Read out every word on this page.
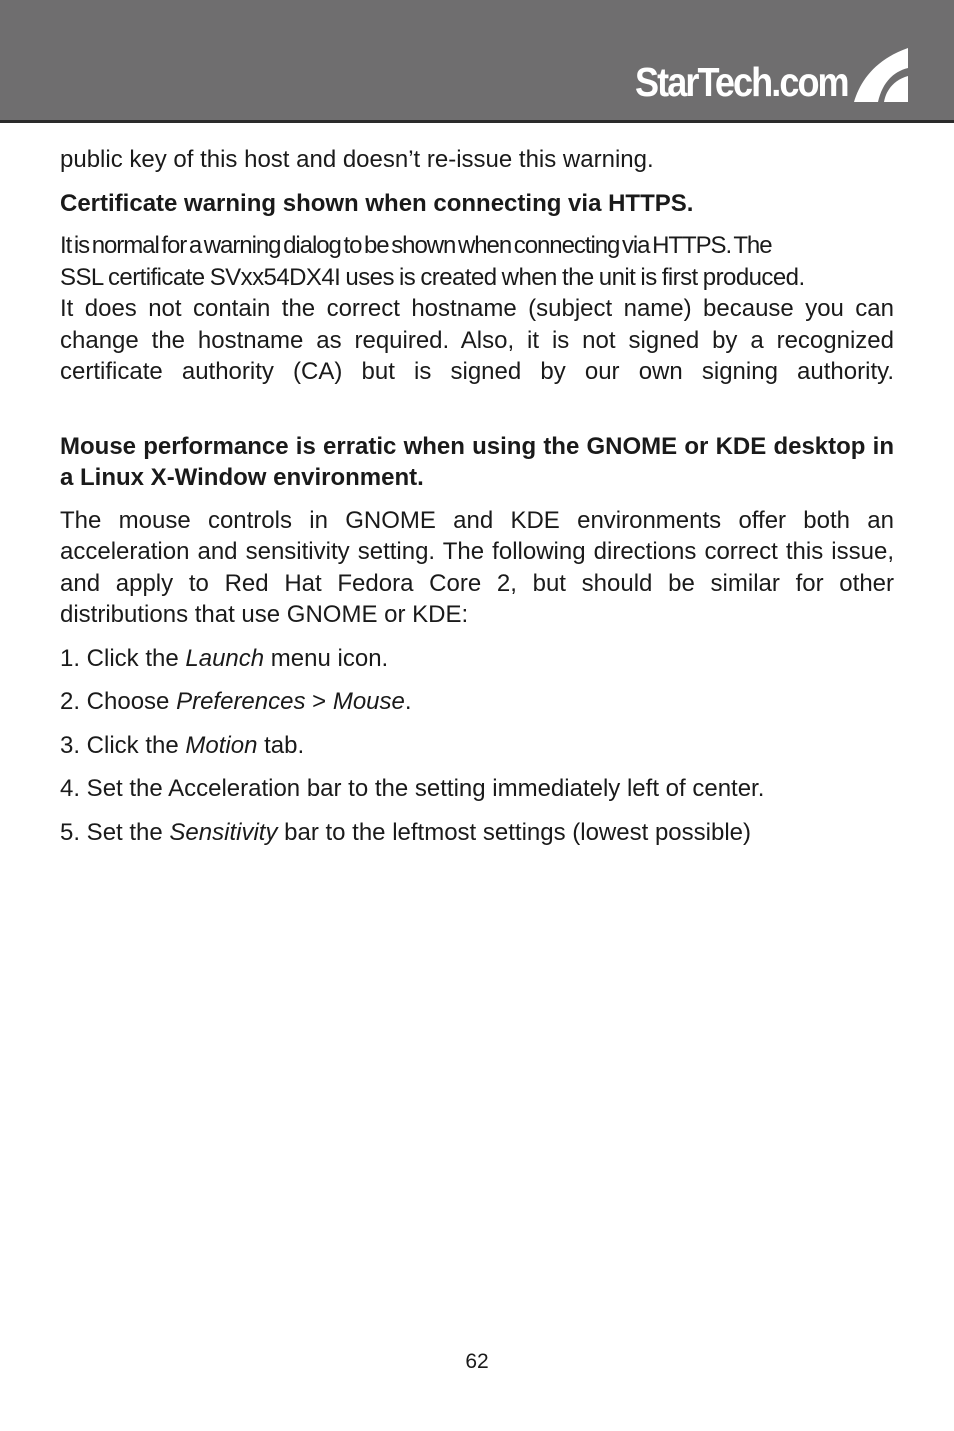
StarTech.com

public key of this host and doesn’t re-issue this warning.

Certificate warning shown when connecting via HTTPS.

It is normal for a warning dialog to be shown when connecting via HTTPS. The

SSL certificate SVxx54DX4I uses is created when the unit is first produced.

It does not contain the correct hostname (subject name) because you can change the hostname as required. Also, it is not signed by a recognized certificate authority (CA) but is signed by our own signing authority.

Mouse performance is erratic when using the GNOME or KDE desktop in a Linux X-Window environment.

The mouse controls in GNOME and KDE environments offer both an acceleration and sensitivity setting. The following directions correct this issue, and apply to Red Hat Fedora Core 2, but should be similar for other distributions that use GNOME or KDE:

1. Click the Launch menu icon.

2. Choose Preferences > Mouse.

3. Click the Motion tab.

4. Set the Acceleration bar to the setting immediately left of center.

5. Set the Sensitivity bar to the leftmost settings (lowest possible)

62
